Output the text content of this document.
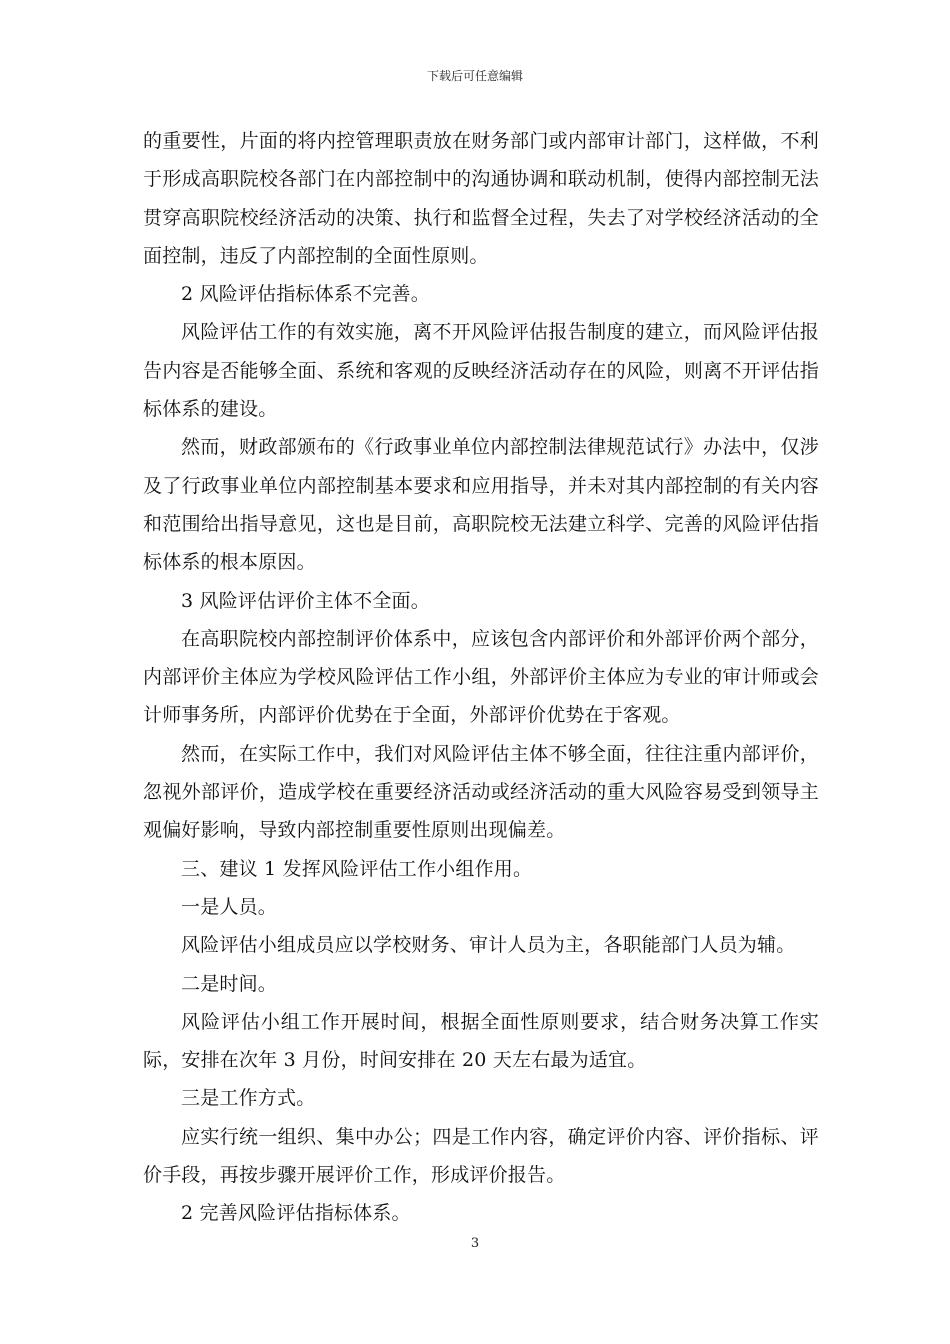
下载后可任意编辑

的重要性，片面的将内控管理职责放在财务部门或内部审计部门，这样做，不利于形成高职院校各部门在内部控制中的沟通协调和联动机制，使得内部控制无法贯穿高职院校经济活动的决策、执行和监督全过程，失去了对学校经济活动的全面控制，违反了内部控制的全面性原则。

2 风险评估指标体系不完善。

风险评估工作的有效实施，离不开风险评估报告制度的建立，而风险评估报告内容是否能够全面、系统和客观的反映经济活动存在的风险，则离不开评估指标体系的建设。

然而，财政部颁布的《行政事业单位内部控制法律规范试行》办法中，仅涉及了行政事业单位内部控制基本要求和应用指导，并未对其内部控制的有关内容和范围给出指导意见，这也是目前，高职院校无法建立科学、完善的风险评估指标体系的根本原因。

3 风险评估评价主体不全面。

在高职院校内部控制评价体系中，应该包含内部评价和外部评价两个部分，内部评价主体应为学校风险评估工作小组，外部评价主体应为专业的审计师或会计师事务所，内部评价优势在于全面，外部评价优势在于客观。

然而，在实际工作中，我们对风险评估主体不够全面，往往注重内部评价，忽视外部评价，造成学校在重要经济活动或经济活动的重大风险容易受到领导主观偏好影响，导致内部控制重要性原则出现偏差。

三、建议 1 发挥风险评估工作小组作用。

一是人员。

风险评估小组成员应以学校财务、审计人员为主，各职能部门人员为辅。

二是时间。

风险评估小组工作开展时间，根据全面性原则要求，结合财务决算工作实际，安排在次年 3 月份，时间安排在 20 天左右最为适宜。

三是工作方式。

应实行统一组织、集中办公；四是工作内容，确定评价内容、评价指标、评价手段，再按步骤开展评价工作，形成评价报告。

2 完善风险评估指标体系。

3
